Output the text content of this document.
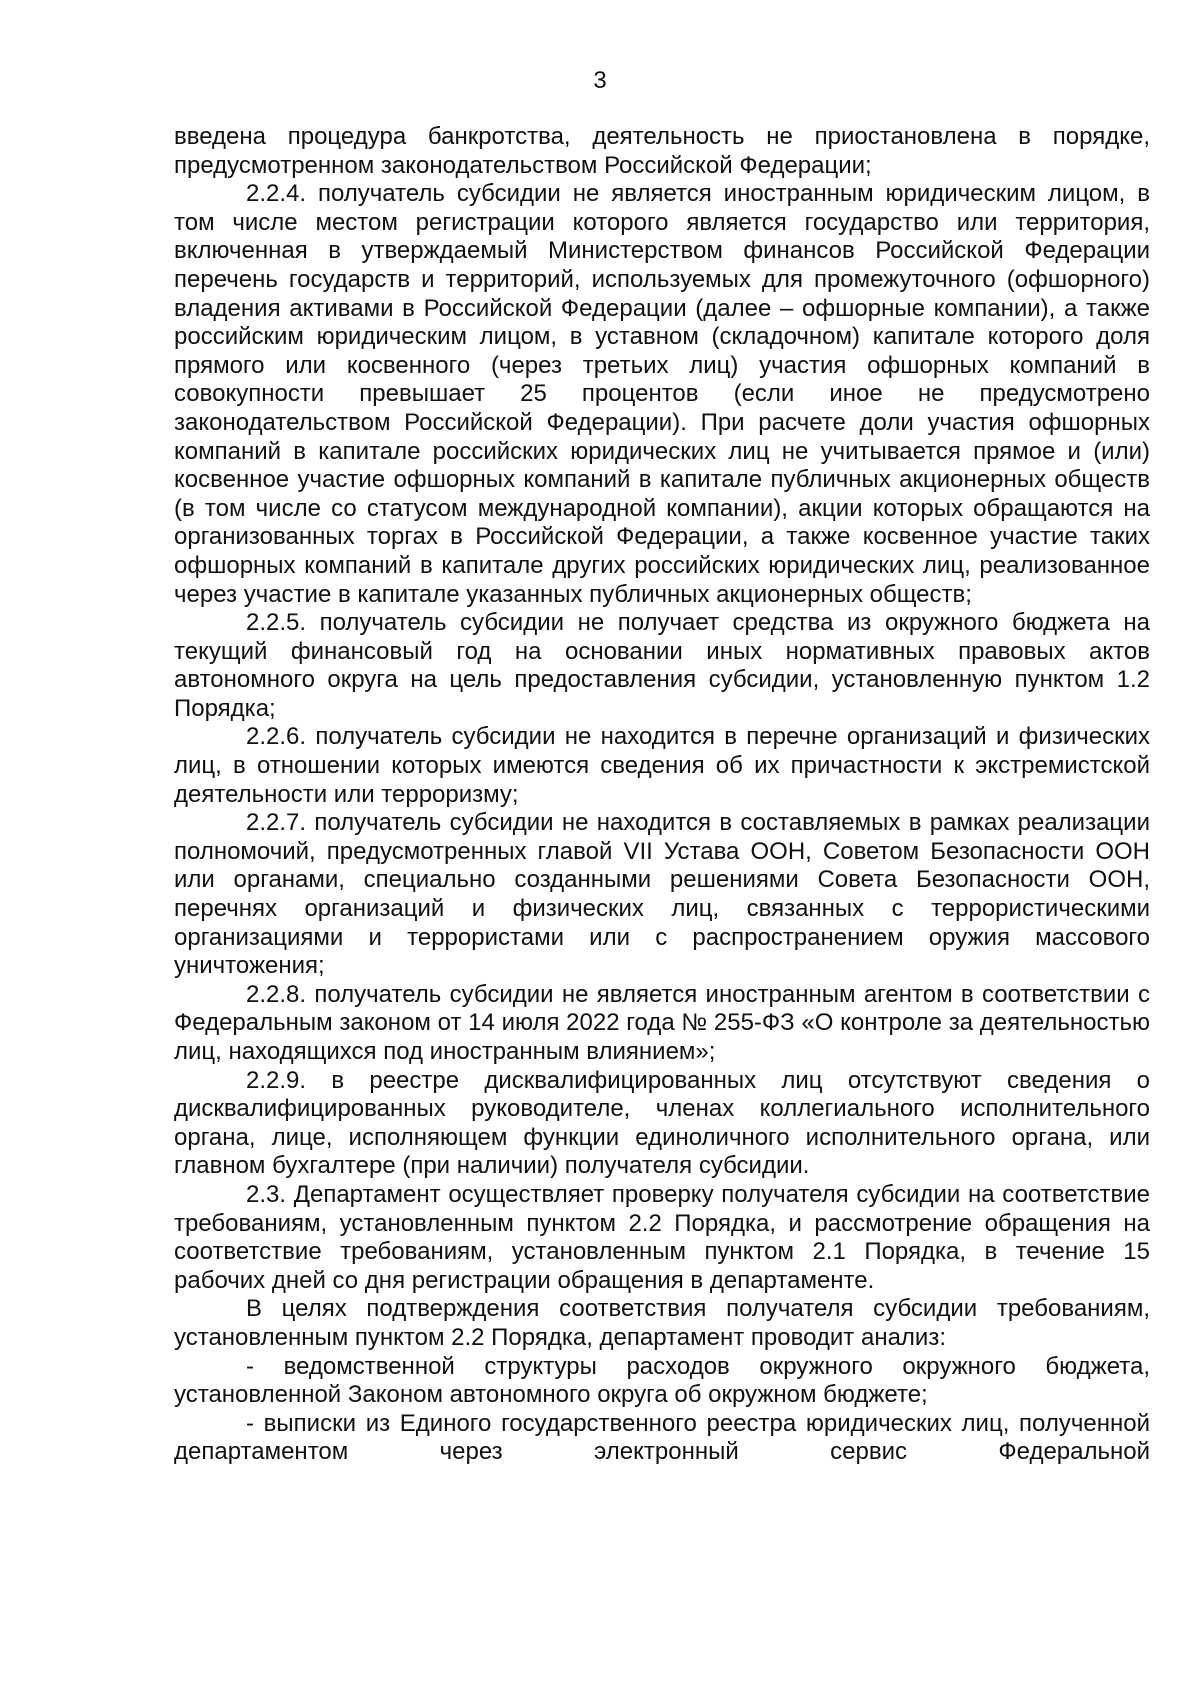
3

введена процедура банкротства, деятельность не приостановлена в порядке, предусмотренном законодательством Российской Федерации;

2.2.4. получатель субсидии не является иностранным юридическим лицом, в том числе местом регистрации которого является государство или территория, включенная в утверждаемый Министерством финансов Российской Федерации перечень государств и территорий, используемых для промежуточного (офшорного) владения активами в Российской Федерации (далее – офшорные компании), а также российским юридическим лицом, в уставном (складочном) капитале которого доля прямого или косвенного (через третьих лиц) участия офшорных компаний в совокупности превышает 25 процентов (если иное не предусмотрено законодательством Российской Федерации). При расчете доли участия офшорных компаний в капитале российских юридических лиц не учитывается прямое и (или) косвенное участие офшорных компаний в капитале публичных акционерных обществ (в том числе со статусом международной компании), акции которых обращаются на организованных торгах в Российской Федерации, а также косвенное участие таких офшорных компаний в капитале других российских юридических лиц, реализованное через участие в капитале указанных публичных акционерных обществ;

2.2.5. получатель субсидии не получает средства из окружного бюджета на текущий финансовый год на основании иных нормативных правовых актов автономного округа на цель предоставления субсидии, установленную пунктом 1.2 Порядка;

2.2.6. получатель субсидии не находится в перечне организаций и физических лиц, в отношении которых имеются сведения об их причастности к экстремистской деятельности или терроризму;

2.2.7. получатель субсидии не находится в составляемых в рамках реализации полномочий, предусмотренных главой VII Устава ООН, Советом Безопасности ООН или органами, специально созданными решениями Совета Безопасности ООН, перечнях организаций и физических лиц, связанных с террористическими организациями и террористами или с распространением оружия массового уничтожения;

2.2.8. получатель субсидии не является иностранным агентом в соответствии с Федеральным законом от 14 июля 2022 года № 255-ФЗ «О контроле за деятельностью лиц, находящихся под иностранным влиянием»;

2.2.9. в реестре дисквалифицированных лиц отсутствуют сведения о дисквалифицированных руководителе, членах коллегиального исполнительного органа, лице, исполняющем функции единоличного исполнительного органа, или главном бухгалтере (при наличии) получателя субсидии.

2.3. Департамент осуществляет проверку получателя субсидии на соответствие требованиям, установленным пунктом 2.2 Порядка, и рассмотрение обращения на соответствие требованиям, установленным пунктом 2.1 Порядка, в течение 15 рабочих дней со дня регистрации обращения в департаменте.

В целях подтверждения соответствия получателя субсидии требованиям, установленным пунктом 2.2 Порядка, департамент проводит анализ:

- ведомственной структуры расходов окружного окружного бюджета, установленной Законом автономного округа об окружном бюджете;

- выписки из Единого государственного реестра юридических лиц, полученной департаментом через электронный сервис Федеральной
